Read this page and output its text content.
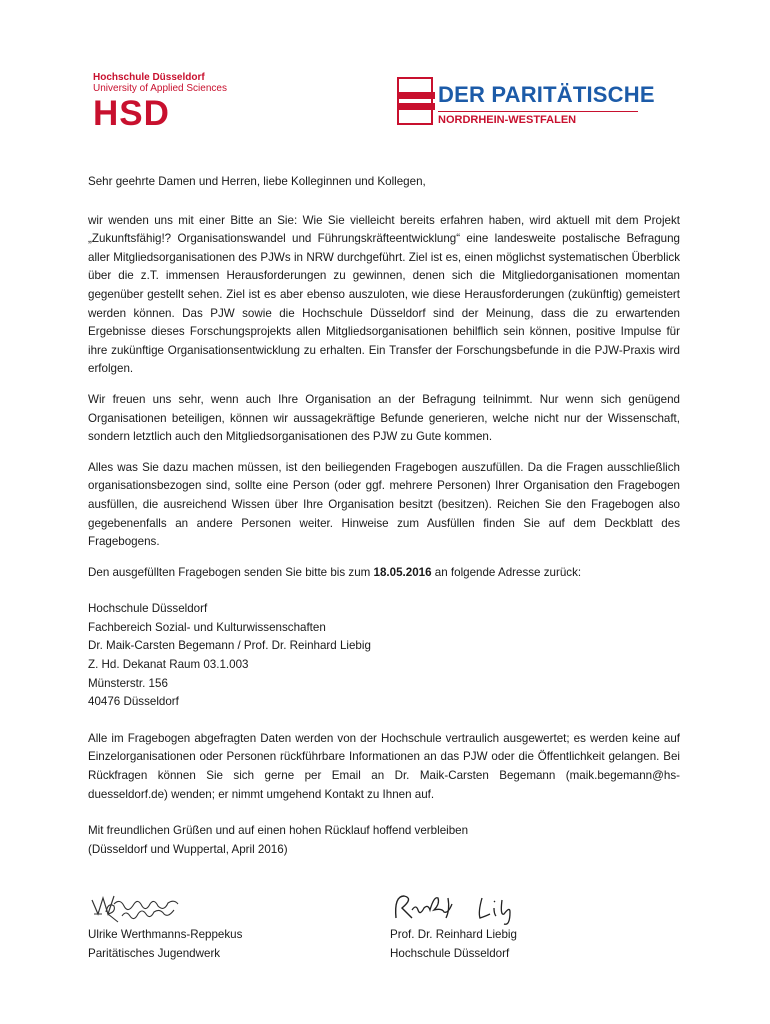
Hochschule Düsseldorf
University of Applied Sciences
HSD	DER PARITÄTISCHE
NORDRHEIN-WESTFALEN

Sehr geehrte Damen und Herren, liebe Kolleginnen und Kollegen,

wir wenden uns mit einer Bitte an Sie: Wie Sie vielleicht bereits erfahren haben, wird aktuell mit dem Projekt „Zukunftsfähig!? Organisationswandel und Führungskräfteentwicklung“ eine landesweite postalische Befragung aller Mitgliedsorganisationen des PJWs in NRW durchgeführt. Ziel ist es, einen möglichst systematischen Überblick über die z.T. immensen Herausforderungen zu gewinnen, denen sich die Mitgliedorganisationen momentan gegenüber gestellt sehen. Ziel ist es aber ebenso auszuloten, wie diese Herausforderungen (zukünftig) gemeistert werden können. Das PJW sowie die Hochschule Düsseldorf sind der Meinung, dass die zu erwartenden Ergebnisse dieses Forschungsprojekts allen Mitgliedsorganisationen behilflich sein können, positive Impulse für ihre zukünftige Organisationsentwicklung zu erhalten. Ein Transfer der Forschungsbefunde in die PJW-Praxis wird erfolgen.

Wir freuen uns sehr, wenn auch Ihre Organisation an der Befragung teilnimmt. Nur wenn sich genügend Organisationen beteiligen, können wir aussagekräftige Befunde generieren, welche nicht nur der Wissenschaft, sondern letztlich auch den Mitgliedsorganisationen des PJW zu Gute kommen.

Alles was Sie dazu machen müssen, ist den beiliegenden Fragebogen auszufüllen. Da die Fragen ausschließlich organisationsbezogen sind, sollte eine Person (oder ggf. mehrere Personen) Ihrer Organisation den Fragebogen ausfüllen, die ausreichend Wissen über Ihre Organisation besitzt (besitzen). Reichen Sie den Fragebogen also gegebenenfalls an andere Personen weiter. Hinweise zum Ausfüllen finden Sie auf dem Deckblatt des Fragebogens.

Den ausgefüllten Fragebogen senden Sie bitte bis zum 18.05.2016 an folgende Adresse zurück:

Hochschule Düsseldorf
Fachbereich Sozial- und Kulturwissenschaften
Dr. Maik-Carsten Begemann / Prof. Dr. Reinhard Liebig
Z. Hd. Dekanat Raum 03.1.003
Münsterstr. 156
40476 Düsseldorf

Alle im Fragebogen abgefragten Daten werden von der Hochschule vertraulich ausgewertet; es werden keine auf Einzelorganisationen oder Personen rückführbare Informationen an das PJW oder die Öffentlichkeit gelangen. Bei Rückfragen können Sie sich gerne per Email an Dr. Maik-Carsten Begemann (maik.begemann@hs-duesseldorf.de) wenden; er nimmt umgehend Kontakt zu Ihnen auf.

Mit freundlichen Grüßen und auf einen hohen Rücklauf hoffend verbleiben
(Düsseldorf und Wuppertal, April 2016)

Ulrike Werthmanns-Reppekus
Paritätisches Jugendwerk
Prof. Dr. Reinhard Liebig
Hochschule Düsseldorf
